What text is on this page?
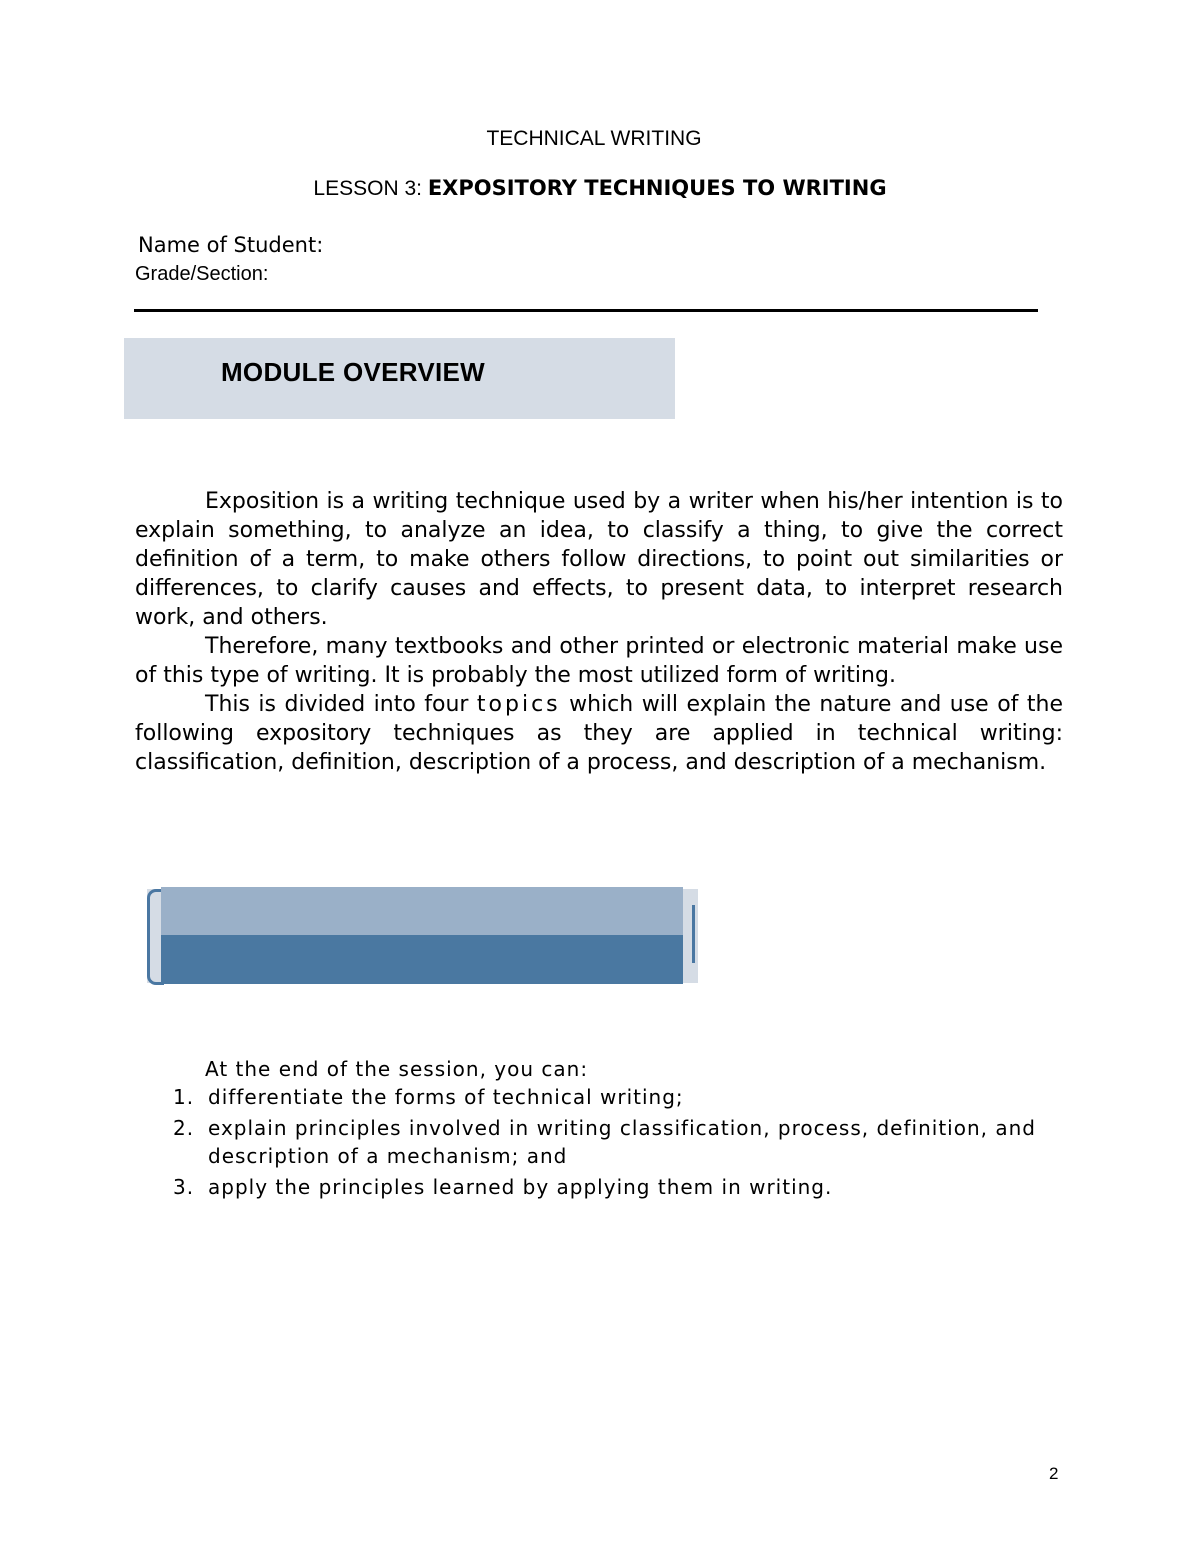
TECHNICAL WRITING
LESSON 3: EXPOSITORY TECHNIQUES TO WRITING

Name of Student:

Grade/Section:

MODULE OVERVIEW

Exposition is a writing technique used by a writer when his/her intention is to explain something, to analyze an idea, to classify a thing, to give the correct definition of a term, to make others follow directions, to point out similarities or differences, to clarify causes and effects, to present data, to interpret research work, and others.

Therefore, many textbooks and other printed or electronic material make use of this type of writing. It is probably the most utilized form of writing.

This is divided into four topics which will explain the nature and use of the following expository techniques as they are applied in technical writing: classification, definition, description of a process, and description of a mechanism.

At the end of the session, you can:

1. differentiate the forms of technical writing;
2. explain principles involved in writing classification, process, definition, and description of a mechanism; and
3. apply the principles learned by applying them in writing.

2
